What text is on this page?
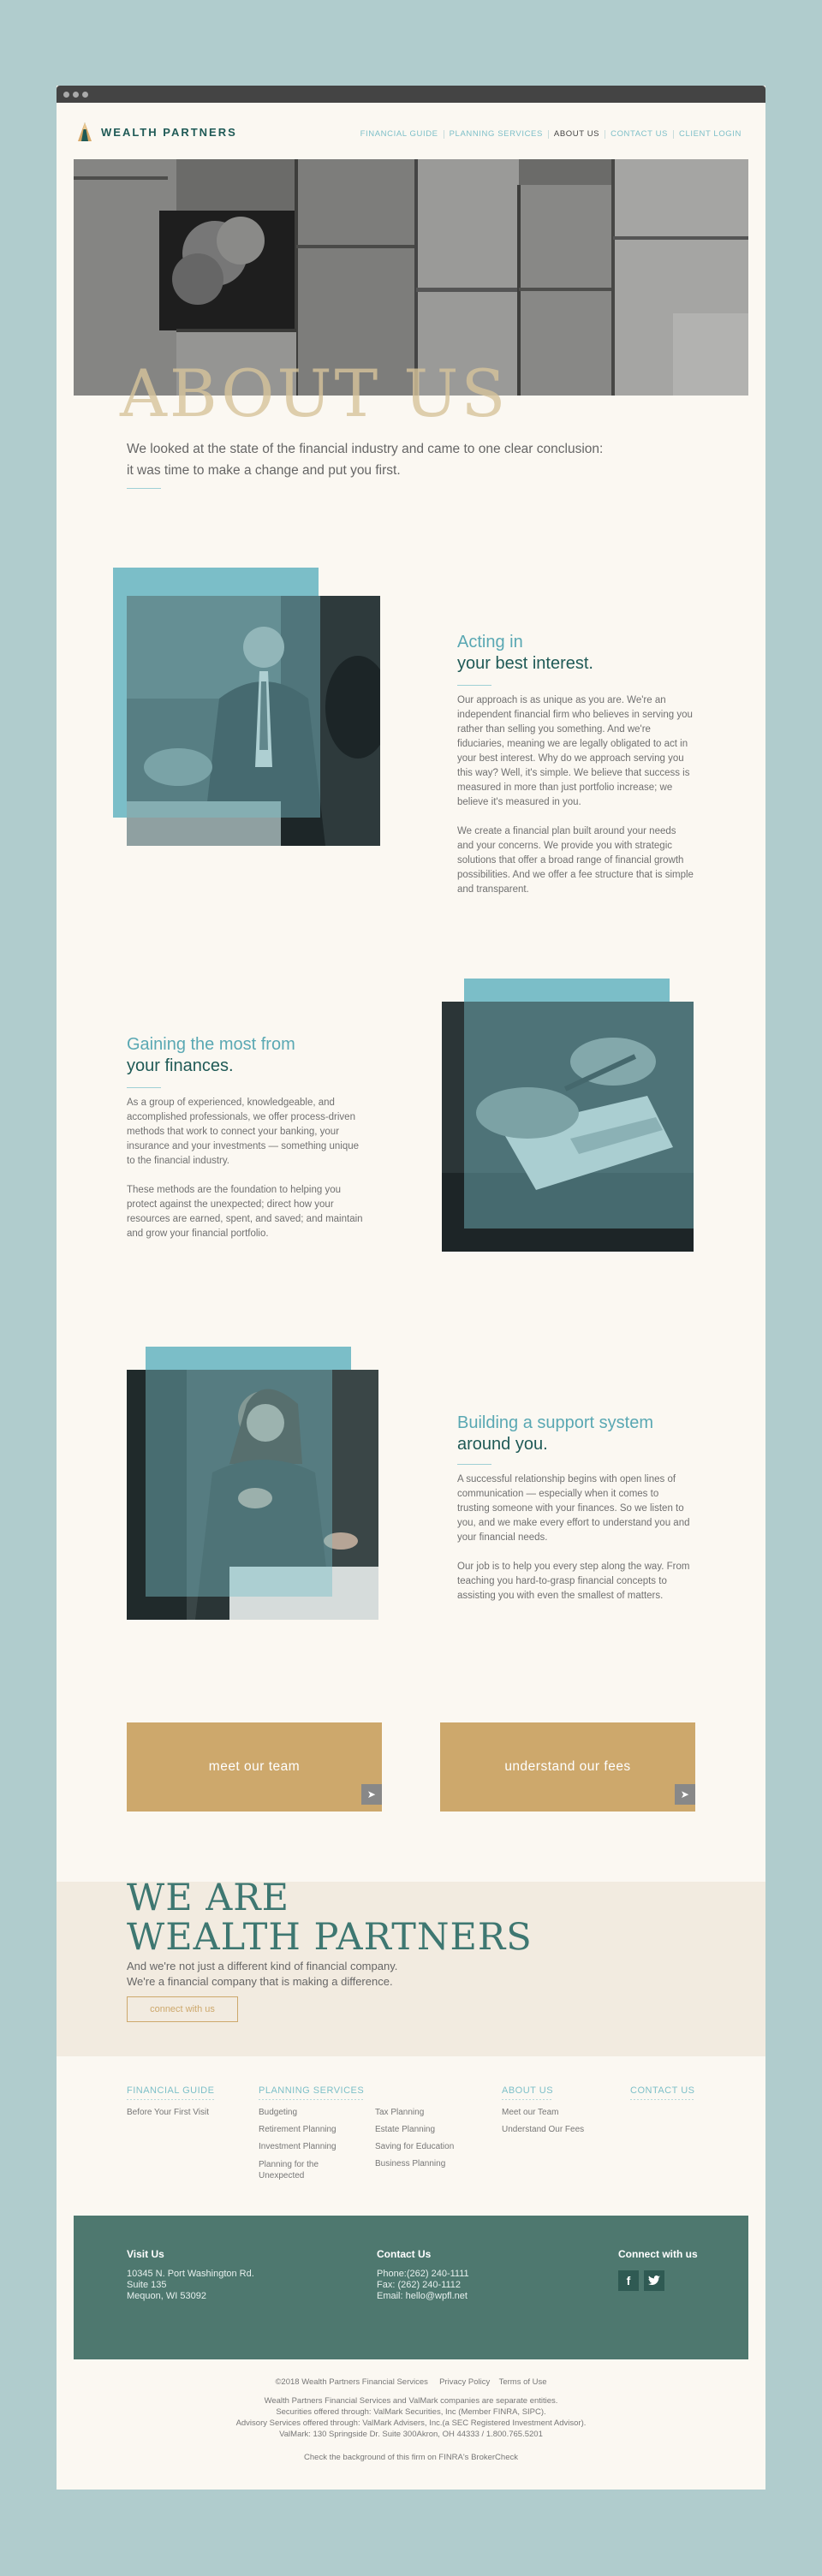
WEALTH PARTNERS	FINANCIAL GUIDE	PLANNING SERVICES	ABOUT US	CONTACT US	CLIENT LOGIN
ABOUT US
We looked at the state of the financial industry and came to one clear conclusion: it was time to make a change and put you first.
Acting in
your best interest.

Our approach is as unique as you are. We're an independent financial firm who believes in serving you rather than selling you something. And we're fiduciaries, meaning we are legally obligated to act in your best interest. Why do we approach serving you this way? Well, it's simple. We believe that success is measured in more than just portfolio increase; we believe it's measured in you.

We create a financial plan built around your needs and your concerns. We provide you with strategic solutions that offer a broad range of financial growth possibilities. And we offer a fee structure that is simple and transparent.

Gaining the most from
your finances.

As a group of experienced, knowledgeable, and accomplished professionals, we offer process-driven methods that work to connect your banking, your insurance and your investments — something unique to the financial industry.

These methods are the foundation to helping you protect against the unexpected; direct how your resources are earned, spent, and saved; and maintain and grow your financial portfolio.

Building a support system
around you.

A successful relationship begins with open lines of communication — especially when it comes to trusting someone with your finances. So we listen to you, and we make every effort to understand you and your financial needs.

Our job is to help you every step along the way. From teaching you hard-to-grasp financial concepts to assisting you with even the smallest of matters.

meet our team
➤
understand our fees
➤
WE ARE
WEALTH PARTNERS
And we're not just a different kind of financial company.
We're a financial company that is making a difference.
connect with us
FINANCIAL GUIDE
Before Your First Visit
PLANNING SERVICES
Budgeting
Retirement Planning
Investment Planning
Planning for the
Unexpected
Tax Planning
Estate Planning
Saving for Education
Business Planning
ABOUT US
Meet our Team
Understand Our Fees
CONTACT US
Visit Us
10345 N. Port Washington Rd.
Suite 135
Mequon, WI 53092
Contact Us
Phone:(262) 240-1111
Fax: (262) 240-1112
Email: hello@wpfl.net
Connect with us
f
©2018 Wealth Partners Financial Services Privacy Policy Terms of Use
Wealth Partners Financial Services and ValMark companies are separate entities.
Securities offered through: ValMark Securities, Inc (Member FINRA, SIPC).
Advisory Services offered through: ValMark Advisers, Inc.(a SEC Registered Investment Advisor).
ValMark: 130 Springside Dr. Suite 300Akron, OH 44333 / 1.800.765.5201
Check the background of this firm on FINRA's BrokerCheck
